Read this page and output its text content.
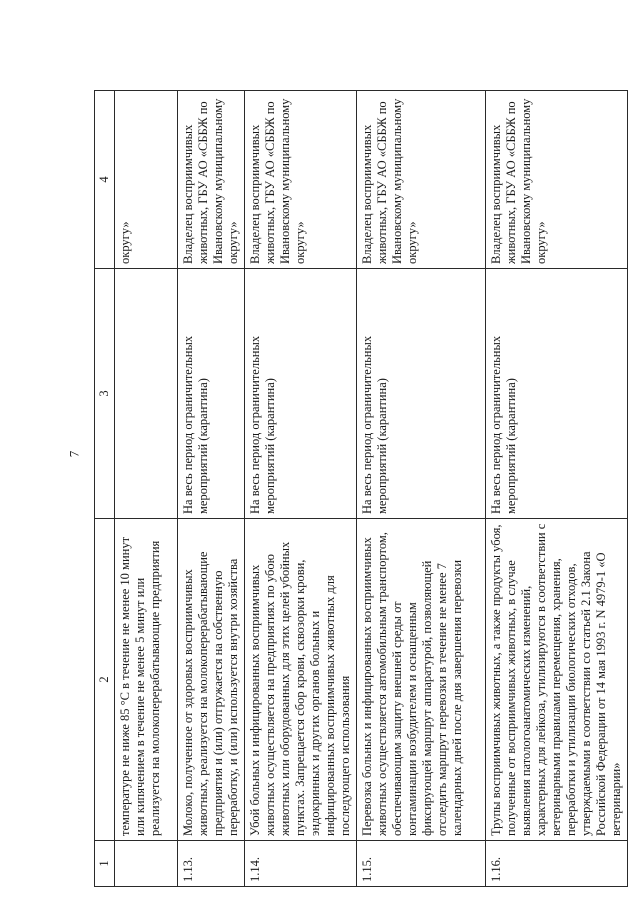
7
1	2	3	4
	температуре не ниже 85 °С в течение не менее 10 минут или кипячением в течение не менее 5 минут или реализуется на молокоперерабатывающие предприятия		округу»
1.13.	Молоко, полученное от здоровых восприимчивых животных, реализуется на молокоперерабатывающие предприятия и (или) отгружается на собственную переработку, и (или) используется внутри хозяйства	На весь период ограничительных мероприятий (карантина)	Владелец восприимчивых животных, ГБУ АО «СББЖ по Ивановскому муниципальному округу»
1.14.	Убой больных и инфицированных восприимчивых животных осуществляется на предприятиях по убою животных или оборудованных для этих целей убойных пунктах. Запрещается сбор крови, сквозорки крови, эндокринных и других органов больных и инфицированных восприимчивых животных для последующего использования	На весь период ограничительных мероприятий (карантина)	Владелец восприимчивых животных, ГБУ АО «СББЖ по Ивановскому муниципальному округу»
1.15.	Перевозка больных и инфицированных восприимчивых животных осуществляется автомобильным транспортом, обеспечивающим защиту внешней среды от контаминации возбудителем и оснащенным фиксирующей маршрут аппаратурой, позволяющей отследить маршрут перевозки в течение не менее 7 календарных дней после дня завершения перевозки	На весь период ограничительных мероприятий (карантина)	Владелец восприимчивых животных, ГБУ АО «СББЖ по Ивановскому муниципальному округу»
1.16.	Трупы восприимчивых животных, а также продукты убоя, полученные от восприимчивых животных, в случае выявления патологоанатомических изменений, характерных для лейкоза, утилизируются в соответствии с ветеринарными правилами перемещения, хранения, переработки и утилизации биологических отходов, утверждаемыми в соответствии со статьей 2.1 Закона Российской Федерации от 14 мая 1993 г. N 4979-1 «О ветеринарии»	На весь период ограничительных мероприятий (карантина)	Владелец восприимчивых животных, ГБУ АО «СББЖ по Ивановскому муниципальному округу»
